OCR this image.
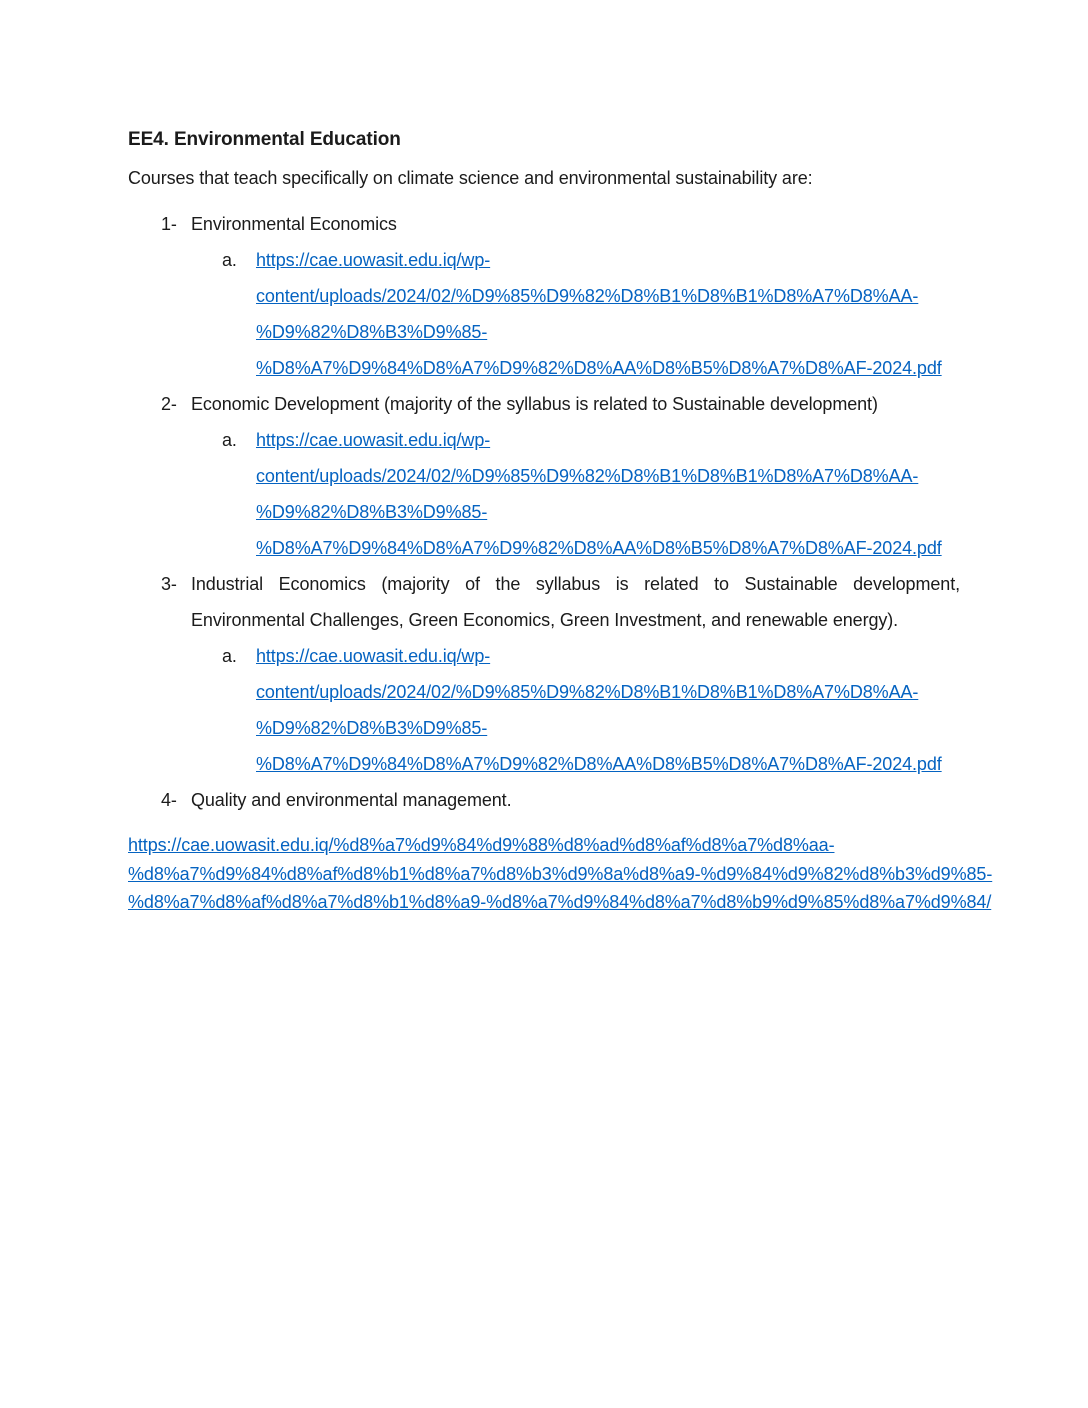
EE4. Environmental Education

Courses that teach specifically on climate science and environmental sustainability are:

1- Environmental Economics
a. https://cae.uowasit.edu.iq/wp-
content/uploads/2024/02/%D9%85%D9%82%D8%B1%D8%B1%D8%A7%D8%AA-
%D9%82%D8%B3%D9%85-
%D8%A7%D9%84%D8%A7%D9%82%D8%AA%D8%B5%D8%A7%D8%AF-2024.pdf
2- Economic Development (majority of the syllabus is related to Sustainable development)
a. https://cae.uowasit.edu.iq/wp-
content/uploads/2024/02/%D9%85%D9%82%D8%B1%D8%B1%D8%A7%D8%AA-
%D9%82%D8%B3%D9%85-
%D8%A7%D9%84%D8%A7%D9%82%D8%AA%D8%B5%D8%A7%D8%AF-2024.pdf
3- Industrial Economics (majority of the syllabus is related to Sustainable development, Environmental Challenges, Green Economics, Green Investment, and renewable energy).
a. https://cae.uowasit.edu.iq/wp-
content/uploads/2024/02/%D9%85%D9%82%D8%B1%D8%B1%D8%A7%D8%AA-
%D9%82%D8%B3%D9%85-
%D8%A7%D9%84%D8%A7%D9%82%D8%AA%D8%B5%D8%A7%D8%AF-2024.pdf
4- Quality and environmental management.
https://cae.uowasit.edu.iq/%d8%a7%d9%84%d9%88%d8%ad%d8%af%d8%a7%d8%aa-
%d8%a7%d9%84%d8%af%d8%b1%d8%a7%d8%b3%d9%8a%d8%a9-%d9%84%d9%82%d8%b3%d9%85-
%d8%a7%d8%af%d8%a7%d8%b1%d8%a9-%d8%a7%d9%84%d8%a7%d8%b9%d9%85%d8%a7%d9%84/
